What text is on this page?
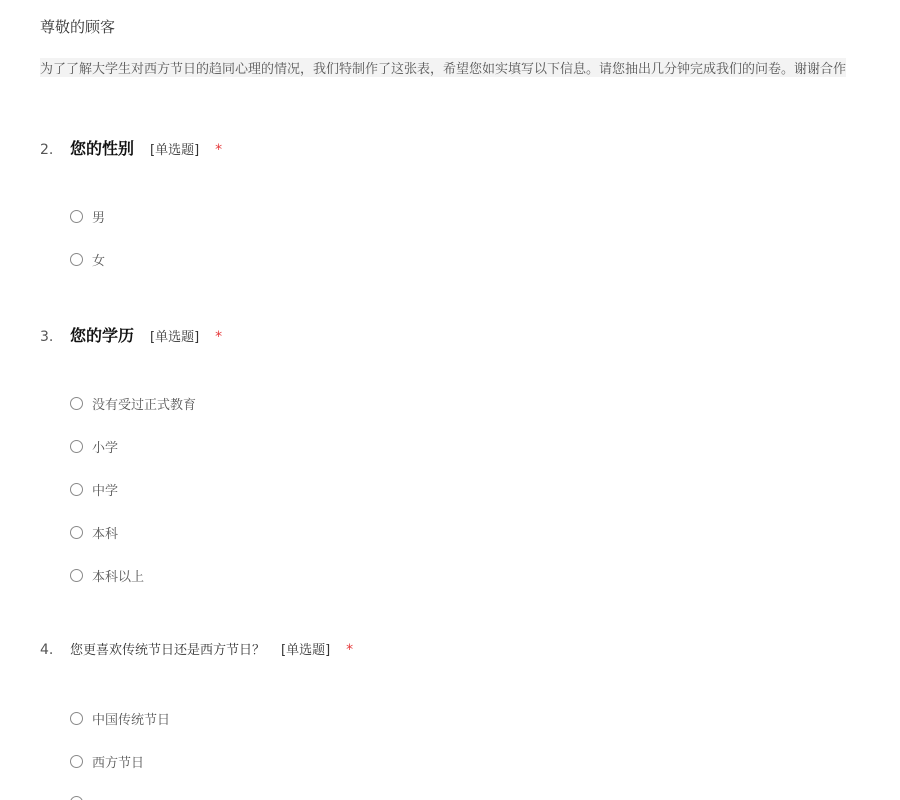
尊敬的顾客
为了了解大学生对西方节日的趋同心理的情况，我们特制作了这张表，希望您如实填写以下信息。请您抽出几分钟完成我们的问卷。谢谢合作
2.	您的性别 [单选题] *
男
女
3.	您的学历 [单选题] *
没有受过正式教育
小学
中学
本科
本科以上
4.	您更喜欢传统节日还是西方节日？ [单选题] *
中国传统节日
西方节日
